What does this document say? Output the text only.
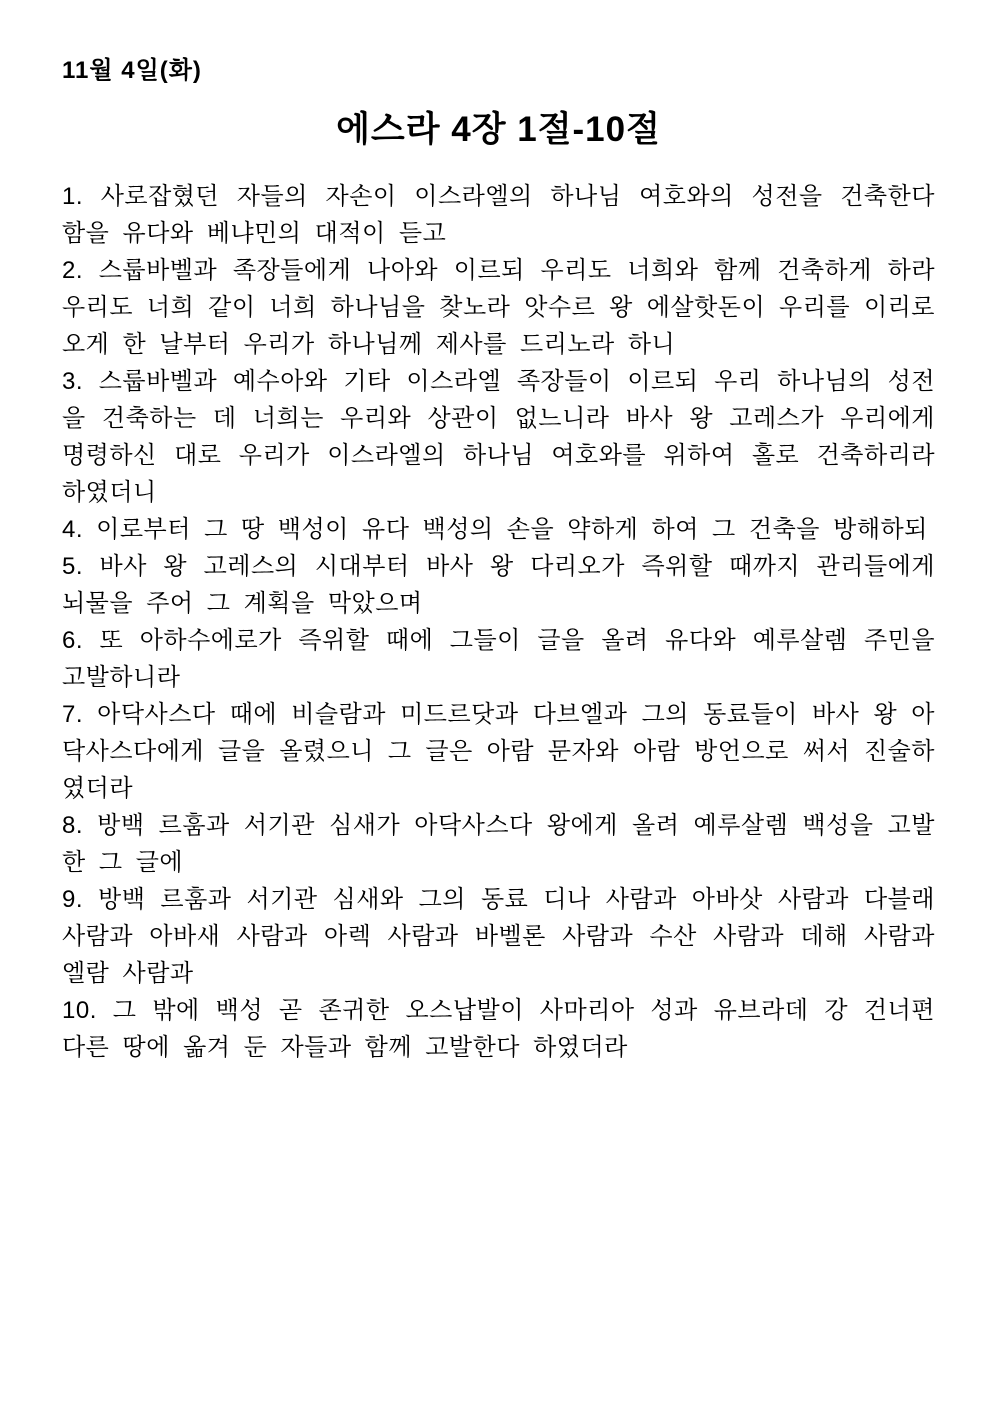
11월 4일(화)
에스라 4장 1절-10절

1. 사로잡혔던 자들의 자손이 이스라엘의 하나님 여호와의 성전을 건축한다 함을 유다와 베냐민의 대적이 듣고

2. 스룹바벨과 족장들에게 나아와 이르되 우리도 너희와 함께 건축하게 하라 우리도 너희 같이 너희 하나님을 찾노라 앗수르 왕 에살핫돈이 우리를 이리로 오게 한 날부터 우리가 하나님께 제사를 드리노라 하니

3. 스룹바벨과 예수아와 기타 이스라엘 족장들이 이르되 우리 하나님의 성전을 건축하는 데 너희는 우리와 상관이 없느니라 바사 왕 고레스가 우리에게 명령하신 대로 우리가 이스라엘의 하나님 여호와를 위하여 홀로 건축하리라 하였더니

4. 이로부터 그 땅 백성이 유다 백성의 손을 약하게 하여 그 건축을 방해하되

5. 바사 왕 고레스의 시대부터 바사 왕 다리오가 즉위할 때까지 관리들에게 뇌물을 주어 그 계획을 막았으며

6. 또 아하수에로가 즉위할 때에 그들이 글을 올려 유다와 예루살렘 주민을 고발하니라

7. 아닥사스다 때에 비슬람과 미드르닷과 다브엘과 그의 동료들이 바사 왕 아닥사스다에게 글을 올렸으니 그 글은 아람 문자와 아람 방언으로 써서 진술하였더라

8. 방백 르훔과 서기관 심새가 아닥사스다 왕에게 올려 예루살렘 백성을 고발한 그 글에

9. 방백 르훔과 서기관 심새와 그의 동료 디나 사람과 아바삿 사람과 다블래 사람과 아바새 사람과 아렉 사람과 바벨론 사람과 수산 사람과 데해 사람과 엘람 사람과

10. 그 밖에 백성 곧 존귀한 오스납발이 사마리아 성과 유브라데 강 건너편 다른 땅에 옮겨 둔 자들과 함께 고발한다 하였더라
